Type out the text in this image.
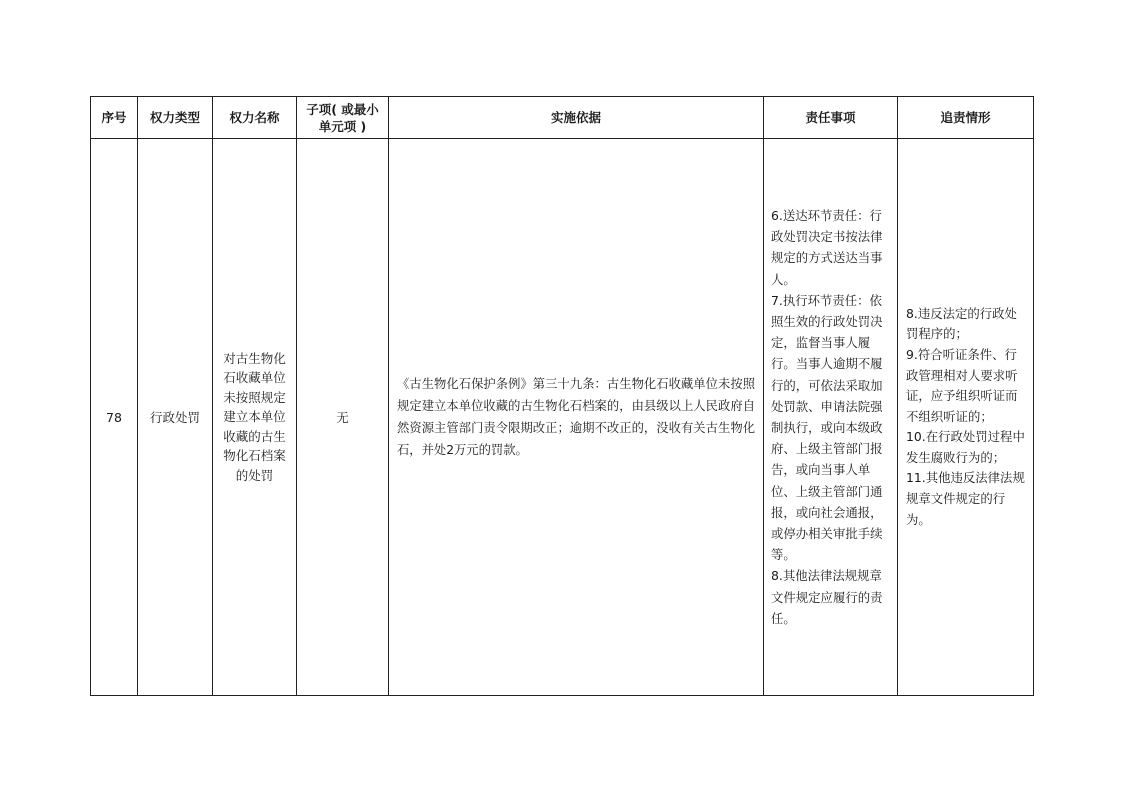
序号	权力类型	权力名称	子项( 或最小
单元项 )	实施依据	责任事项	追责情形
78	行政处罚	对古生物化石收藏单位未按照规定建立本单位收藏的古生物化石档案的处罚	无	《古生物化石保护条例》第三十九条：古生物化石收藏单位未按照规定建立本单位收藏的古生物化石档案的，由县级以上人民政府自然资源主管部门责令限期改正；逾期不改正的，没收有关古生物化石，并处2万元的罚款。	6.送达环节责任：行政处罚决定书按法律规定的方式送达当事人。
7.执行环节责任：依照生效的行政处罚决定，监督当事人履行。当事人逾期不履行的，可依法采取加处罚款、申请法院强制执行，或向本级政府、上级主管部门报告，或向当事人单位、上级主管部门通报，或向社会通报，或停办相关审批手续等。
8.其他法律法规规章文件规定应履行的责任。	8.违反法定的行政处罚程序的；
9.符合听证条件、行政管理相对人要求听证，应予组织听证而不组织听证的；
10.在行政处罚过程中发生腐败行为的；
11.其他违反法律法规规章文件规定的行为。
